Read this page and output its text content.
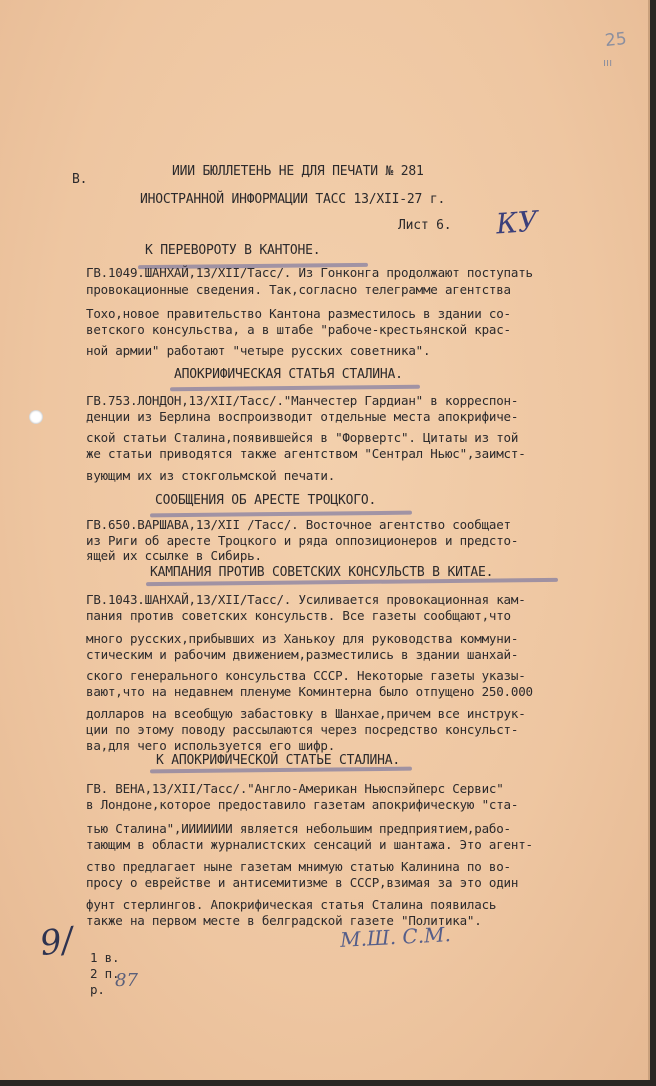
25
ııı
В.
ИИИ БЮЛЛЕТЕНЬ НЕ ДЛЯ ПЕЧАТИ № 281
ИНОСТРАННОЙ ИНФОРМАЦИИ ТАСС 13/XII-27 г.
Лист 6. КУ
К ПЕРЕВОРОТУ В КАНТОНЕ.
ГВ.1049.ШАНХАЙ,13/XII/Тасс/. Из Гонконга продолжают поступать
провокационные сведения. Так,согласно телеграмме агентства
Тохо,новое правительство Кантона разместилось в здании со-
ветского консульства, а в штабе "рабоче-крестьянской крас-
ной армии" работают "четыре русских советника".
АПОКРИФИЧЕСКАЯ СТАТЬЯ СТАЛИНА.
ГВ.753.ЛОНДОН,13/XII/Тасс/."Манчестер Гардиан" в корреспон-
денции из Берлина воспроизводит отдельные места апокрифиче-
ской статьи Сталина,появившейся в "Форвертс". Цитаты из той
же статьи приводятся также агентством "Сентрал Ньюс",заимст-
вующим их из стокгольмской печати.
СООБЩЕНИЯ ОБ АРЕСТЕ ТРОЦКОГО.
ГВ.650.ВАРШАВА,13/XII /Тасс/. Восточное агентство сообщает
из Риги об аресте Троцкого и ряда оппозиционеров и предсто-
ящей их ссылке в Сибирь.
КАМПАНИЯ ПРОТИВ СОВЕТСКИХ КОНСУЛЬСТВ В КИТАЕ.
ГВ.1043.ШАНХАЙ,13/XII/Тасс/. Усиливается провокационная кам-
пания против советских консульств. Все газеты сообщают,что
много русских,прибывших из Ханькоу для руководства коммуни-
стическим и рабочим движением,разместились в здании шанхай-
ского генерального консульства СССР. Некоторые газеты указы-
вают,что на недавнем пленуме Коминтерна было отпущено 250.000
долларов на всеобщую забастовку в Шанхае,причем все инструк-
ции по этому поводу рассылаются через посредство консульст-
ва,для чего используется его шифр.
К АПОКРИФИЧЕСКОЙ СТАТЬЕ СТАЛИНА.
ГВ. ВЕНА,13/XII/Тасс/."Англо-Американ Ньюспэйперс Сервис"
в Лондоне,которое предоставило газетам апокрифическую "ста-
тью Сталина",ИИИИИИИ является небольшим предприятием,рабо-
тающим в области журналистских сенсаций и шантажа. Это агент-
ство предлагает ныне газетам мнимую статью Калинина по во-
просу о еврействе и антисемитизме в СССР,взимая за это один
фунт стерлингов. Апокрифическая статья Сталина появилась
также на первом месте в белградской газете "Политика".
М.Ш. С.М.
9/ 1 в.
2 п.
р. 87
